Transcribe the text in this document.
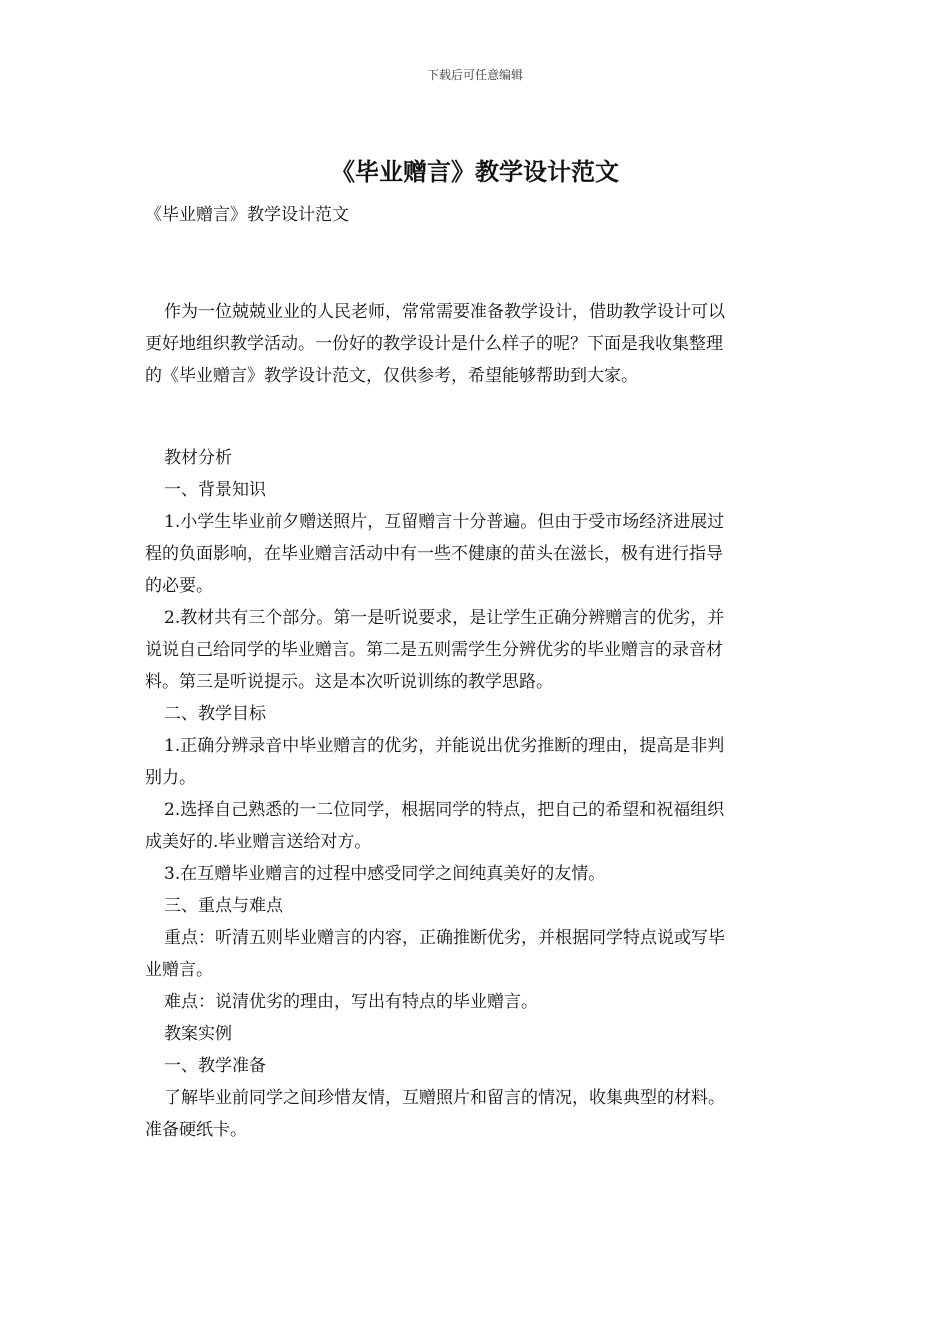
下载后可任意编辑
《毕业赠言》教学设计范文

《毕业赠言》教学设计范文

作为一位兢兢业业的人民老师，常常需要准备教学设计，借助教学设计可以
更好地组织教学活动。一份好的教学设计是什么样子的呢？下面是我收集整理
的《毕业赠言》教学设计范文，仅供参考，希望能够帮助到大家。
教材分析
一、背景知识
1.小学生毕业前夕赠送照片，互留赠言十分普遍。但由于受市场经济进展过
程的负面影响，在毕业赠言活动中有一些不健康的苗头在滋长，极有进行指导
的必要。
2.教材共有三个部分。第一是听说要求，是让学生正确分辨赠言的优劣，并
说说自己给同学的毕业赠言。第二是五则需学生分辨优劣的毕业赠言的录音材
料。第三是听说提示。这是本次听说训练的教学思路。
二、教学目标
1.正确分辨录音中毕业赠言的优劣，并能说出优劣推断的理由，提高是非判
别力。
2.选择自己熟悉的一二位同学，根据同学的特点，把自己的希望和祝福组织
成美好的.毕业赠言送给对方。
3.在互赠毕业赠言的过程中感受同学之间纯真美好的友情。
三、重点与难点
重点：听清五则毕业赠言的内容，正确推断优劣，并根据同学特点说或写毕
业赠言。
难点：说清优劣的理由，写出有特点的毕业赠言。
教案实例
一、教学准备
了解毕业前同学之间珍惜友情，互赠照片和留言的情况，收集典型的材料。
准备硬纸卡。
